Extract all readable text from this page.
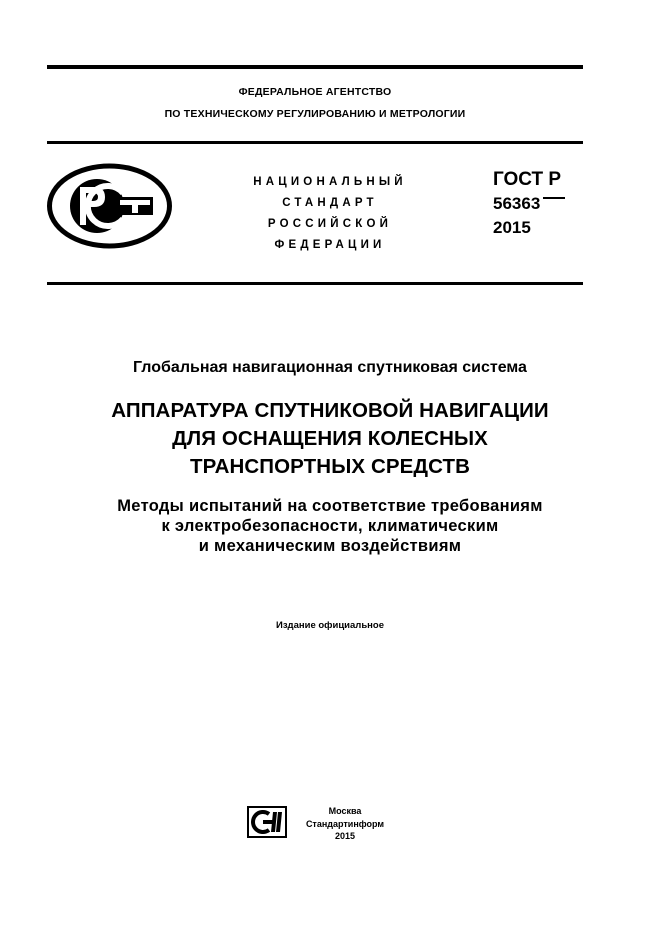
ФЕДЕРАЛЬНОЕ АГЕНТСТВО
ПО ТЕХНИЧЕСКОМУ РЕГУЛИРОВАНИЮ И МЕТРОЛОГИИ
НАЦИОНАЛЬНЫЙ
СТАНДАРТ
РОССИЙСКОЙ
ФЕДЕРАЦИИ
ГОСТ Р
56363
2015
Глобальная навигационная спутниковая система
АППАРАТУРА СПУТНИКОВОЙ НАВИГАЦИИ
ДЛЯ ОСНАЩЕНИЯ КОЛЕСНЫХ
ТРАНСПОРТНЫХ СРЕДСТВ
Методы испытаний на соответствие требованиям
к электробезопасности, климатическим
и механическим воздействиям
Издание официальное
Москва
Стандартинформ
2015
